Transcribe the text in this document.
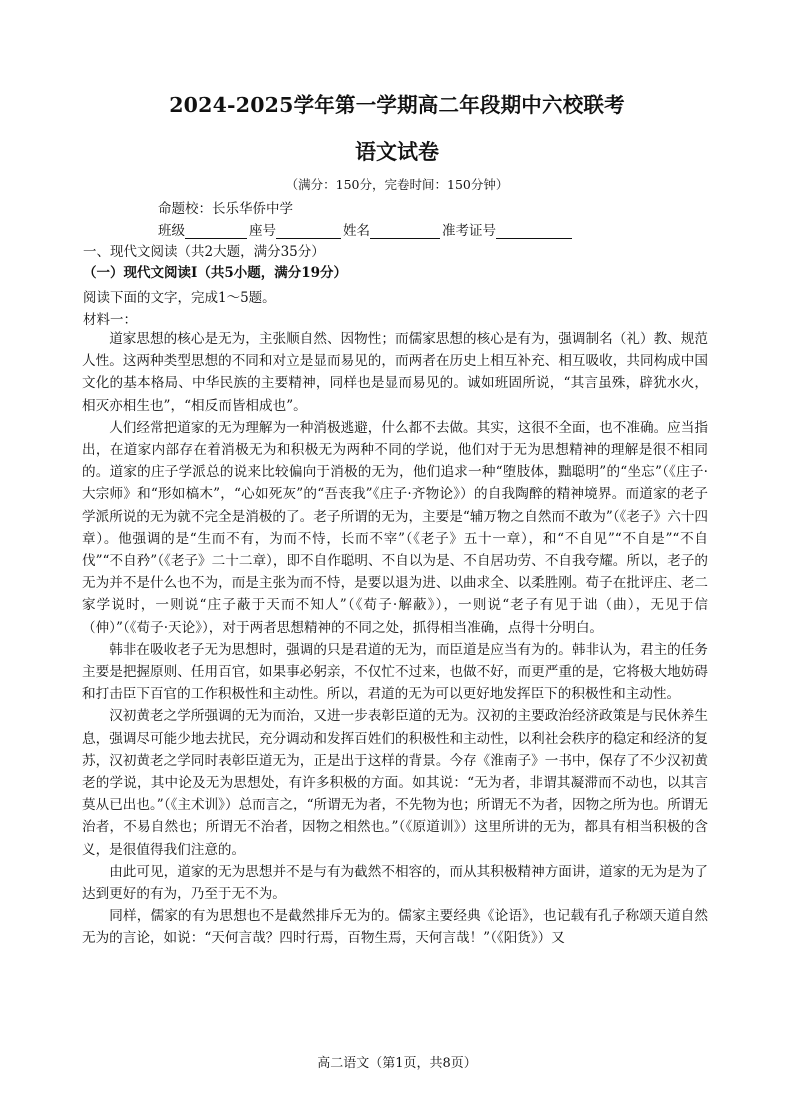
2024-2025学年第一学期高二年段期中六校联考
语文试卷
（满分：150分，完卷时间：150分钟）
命题校：长乐华侨中学
班级	座号	姓名	准考证号
一、现代文阅读（共2大题，满分35分）
（一）现代文阅读Ⅰ（共5小题，满分19分）
阅读下面的文字，完成1～5题。
材料一：

道家思想的核心是无为，主张顺自然、因物性；而儒家思想的核心是有为，强调制名（礼）教、规范人性。这两种类型思想的不同和对立是显而易见的，而两者在历史上相互补充、相互吸收，共同构成中国文化的基本格局、中华民族的主要精神，同样也是显而易见的。诚如班固所说，“其言虽殊，辟犹水火，相灭亦相生也”，“相反而皆相成也”。

人们经常把道家的无为理解为一种消极逃避，什么都不去做。其实，这很不全面，也不准确。应当指出，在道家内部存在着消极无为和积极无为两种不同的学说，他们对于无为思想精神的理解是很不相同的。道家的庄子学派总的说来比较偏向于消极的无为，他们追求一种“堕肢体，黜聪明”的“坐忘”（《庄子·大宗师》和“形如槁木”，“心如死灰”的“吾丧我”《庄子·齐物论》）的自我陶醉的精神境界。而道家的老子学派所说的无为就不完全是消极的了。老子所谓的无为，主要是“辅万物之自然而不敢为”（《老子》六十四章）。他强调的是“生而不有，为而不恃，长而不宰”（《老子》五十一章），和“不自见”“不自是”“不自伐”“不自矜”（《老子》二十二章），即不自作聪明、不自以为是、不自居功劳、不自我夸耀。所以，老子的无为并不是什么也不为，而是主张为而不恃，是要以退为进、以曲求全、以柔胜刚。荀子在批评庄、老二家学说时，一则说“庄子蔽于天而不知人”（《荀子·解蔽》），一则说“老子有见于诎（曲），无见于信（伸）”（《荀子·天论》），对于两者思想精神的不同之处，抓得相当准确，点得十分明白。

韩非在吸收老子无为思想时，强调的只是君道的无为，而臣道是应当有为的。韩非认为，君主的任务主要是把握原则、任用百官，如果事必躬亲，不仅忙不过来，也做不好，而更严重的是，它将极大地妨碍和打击臣下百官的工作积极性和主动性。所以，君道的无为可以更好地发挥臣下的积极性和主动性。

汉初黄老之学所强调的无为而治，又进一步表彰臣道的无为。汉初的主要政治经济政策是与民休养生息，强调尽可能少地去扰民，充分调动和发挥百姓们的积极性和主动性，以利社会秩序的稳定和经济的复苏，汉初黄老之学同时表彰臣道无为，正是出于这样的背景。今存《淮南子》一书中，保存了不少汉初黄老的学说，其中论及无为思想处，有许多积极的方面。如其说：“无为者，非谓其凝滞而不动也，以其言莫从已出也。”（《主术训》）总而言之，“所谓无为者，不先物为也；所谓无不为者，因物之所为也。所谓无治者，不易自然也；所谓无不治者，因物之相然也。”（《原道训》）这里所讲的无为，都具有相当积极的含义，是很值得我们注意的。

由此可见，道家的无为思想并不是与有为截然不相容的，而从其积极精神方面讲，道家的无为是为了达到更好的有为，乃至于无不为。

同样，儒家的有为思想也不是截然排斥无为的。儒家主要经典《论语》，也记载有孔子称颂天道自然无为的言论，如说：“天何言哉？四时行焉，百物生焉，天何言哉！”（《阳货》）又

高二语文（第1页，共8页）
